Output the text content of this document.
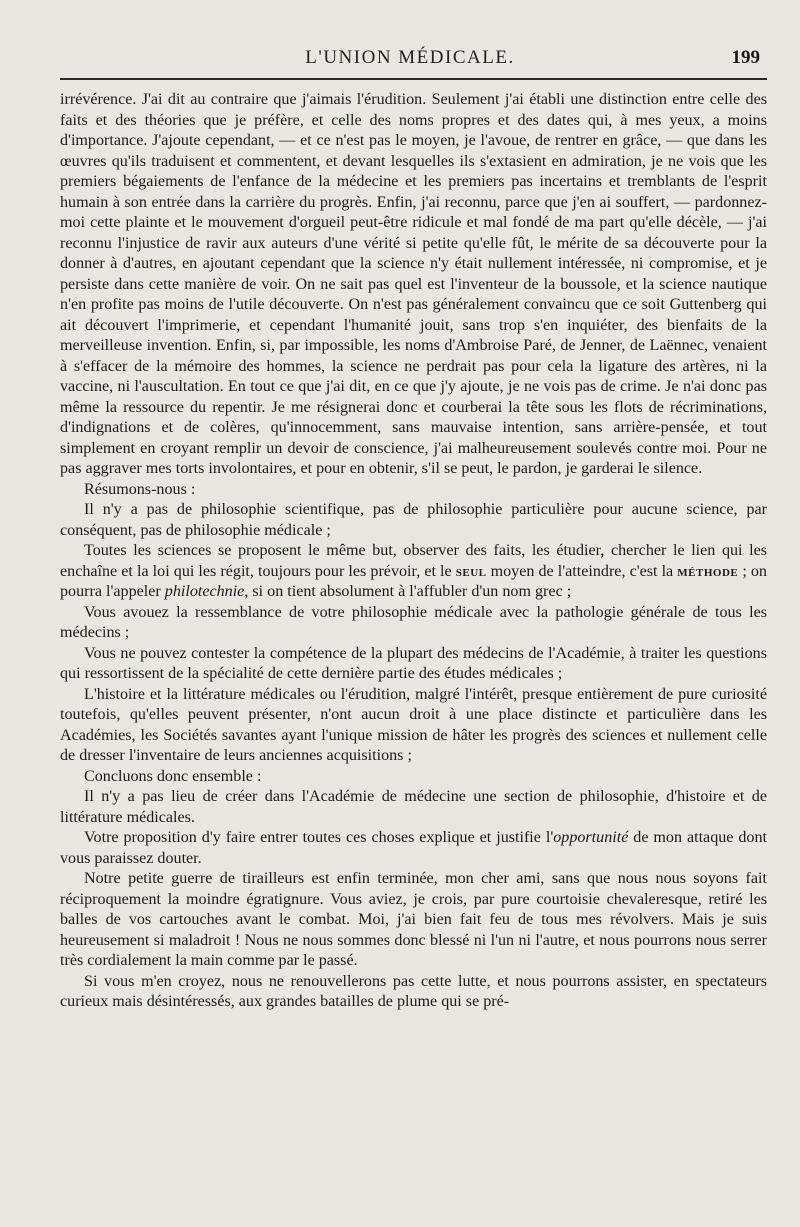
L'UNION MÉDICALE.	199

irrévérence. J'ai dit au contraire que j'aimais l'érudition. Seulement j'ai établi une distinction entre celle des faits et des théories que je préfère, et celle des noms propres et des dates qui, à mes yeux, a moins d'importance. J'ajoute cependant, — et ce n'est pas le moyen, je l'avoue, de rentrer en grâce, — que dans les œuvres qu'ils traduisent et commentent, et devant lesquelles ils s'extasient en admiration, je ne vois que les premiers bégaiements de l'enfance de la médecine et les premiers pas incertains et tremblants de l'esprit humain à son entrée dans la carrière du progrès. Enfin, j'ai reconnu, parce que j'en ai souffert, — pardonnez-moi cette plainte et le mouvement d'orgueil peut-être ridicule et mal fondé de ma part qu'elle décèle, — j'ai reconnu l'injustice de ravir aux auteurs d'une vérité si petite qu'elle fût, le mérite de sa découverte pour la donner à d'autres, en ajoutant cependant que la science n'y était nullement intéressée, ni compromise, et je persiste dans cette manière de voir. On ne sait pas quel est l'inventeur de la boussole, et la science nautique n'en profite pas moins de l'utile découverte. On n'est pas généralement convaincu que ce soit Guttenberg qui ait découvert l'imprimerie, et cependant l'humanité jouit, sans trop s'en inquiéter, des bienfaits de la merveilleuse invention. Enfin, si, par impossible, les noms d'Ambroise Paré, de Jenner, de Laënnec, venaient à s'effacer de la mémoire des hommes, la science ne perdrait pas pour cela la ligature des artères, ni la vaccine, ni l'auscultation. En tout ce que j'ai dit, en ce que j'y ajoute, je ne vois pas de crime. Je n'ai donc pas même la ressource du repentir. Je me résignerai donc et courberai la tête sous les flots de récriminations, d'indignations et de colères, qu'innocemment, sans mauvaise intention, sans arrière-pensée, et tout simplement en croyant remplir un devoir de conscience, j'ai malheureusement soulevés contre moi. Pour ne pas aggraver mes torts involontaires, et pour en obtenir, s'il se peut, le pardon, je garderai le silence.

Résumons-nous :

Il n'y a pas de philosophie scientifique, pas de philosophie particulière pour aucune science, par conséquent, pas de philosophie médicale ;

Toutes les sciences se proposent le même but, observer des faits, les étudier, chercher le lien qui les enchaîne et la loi qui les régit, toujours pour les prévoir, et le seul moyen de l'atteindre, c'est la méthode ; on pourra l'appeler philotechnie, si on tient absolument à l'affubler d'un nom grec ;

Vous avouez la ressemblance de votre philosophie médicale avec la pathologie générale de tous les médecins ;

Vous ne pouvez contester la compétence de la plupart des médecins de l'Académie, à traiter les questions qui ressortissent de la spécialité de cette dernière partie des études médicales ;

L'histoire et la littérature médicales ou l'érudition, malgré l'intérêt, presque entièrement de pure curiosité toutefois, qu'elles peuvent présenter, n'ont aucun droit à une place distincte et particulière dans les Académies, les Sociétés savantes ayant l'unique mission de hâter les progrès des sciences et nullement celle de dresser l'inventaire de leurs anciennes acquisitions ;

Concluons donc ensemble :

Il n'y a pas lieu de créer dans l'Académie de médecine une section de philosophie, d'histoire et de littérature médicales.

Votre proposition d'y faire entrer toutes ces choses explique et justifie l'opportunité de mon attaque dont vous paraissez douter.

Notre petite guerre de tirailleurs est enfin terminée, mon cher ami, sans que nous nous soyons fait réciproquement la moindre égratignure. Vous aviez, je crois, par pure courtoisie chevaleresque, retiré les balles de vos cartouches avant le combat. Moi, j'ai bien fait feu de tous mes révolvers. Mais je suis heureusement si maladroit ! Nous ne nous sommes donc blessé ni l'un ni l'autre, et nous pourrons nous serrer très cordialement la main comme par le passé.

Si vous m'en croyez, nous ne renouvellerons pas cette lutte, et nous pourrons assister, en spectateurs curieux mais désintéressés, aux grandes batailles de plume qui se pré-
